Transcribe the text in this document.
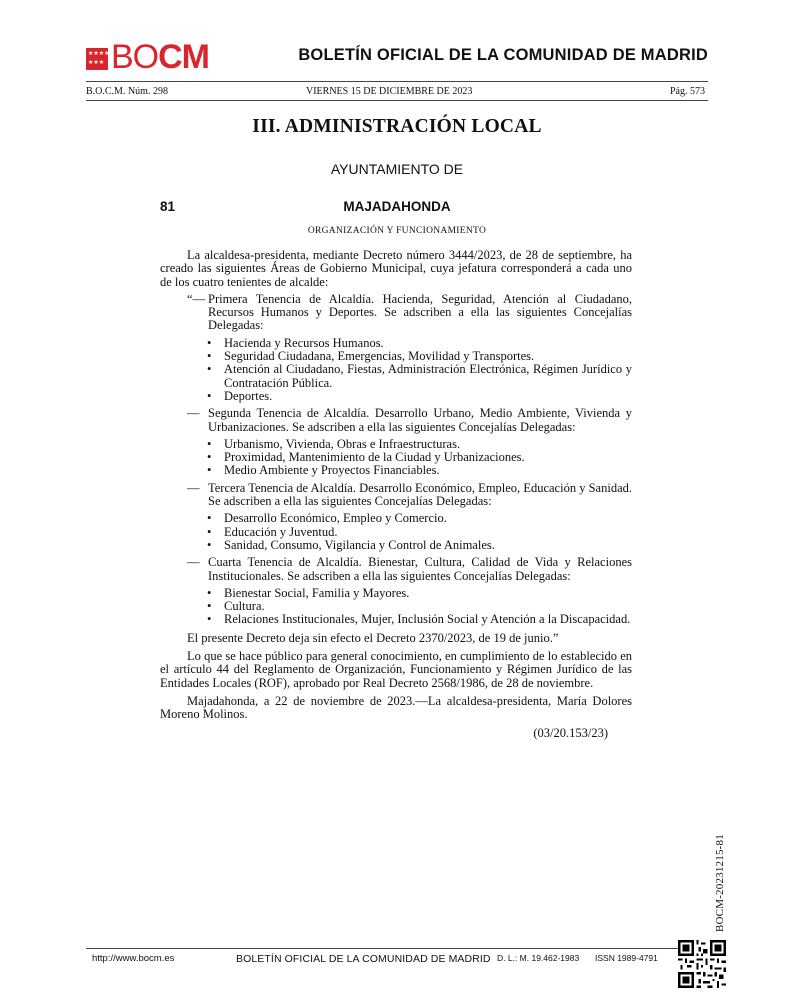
★ ★ ★ ★
★ ★ ★ BOCM	BOLETÍN OFICIAL DE LA COMUNIDAD DE MADRID
B.O.C.M. Núm. 298	VIERNES 15 DE DICIEMBRE DE 2023	Pág. 573
III. ADMINISTRACIÓN LOCAL
AYUNTAMIENTO DE
81	MAJADAHONDA
ORGANIZACIÓN Y FUNCIONAMIENTO

La alcaldesa-presidenta, mediante Decreto número 3444/2023, de 28 de septiembre, ha creado las siguientes Áreas de Gobierno Municipal, cuya jefatura corresponderá a cada uno de los cuatro tenientes de alcalde:

“— Primera Tenencia de Alcaldía. Hacienda, Seguridad, Atención al Ciudadano, Recursos Humanos y Deportes. Se adscriben a ella las siguientes Concejalías Delegadas:
• Hacienda y Recursos Humanos.
• Seguridad Ciudadana, Emergencias, Movilidad y Transportes.
• Atención al Ciudadano, Fiestas, Administración Electrónica, Régimen Jurídico y Contratación Pública.
• Deportes.
— Segunda Tenencia de Alcaldía. Desarrollo Urbano, Medio Ambiente, Vivienda y Urbanizaciones. Se adscriben a ella las siguientes Concejalías Delegadas:
• Urbanismo, Vivienda, Obras e Infraestructuras.
• Proximidad, Mantenimiento de la Ciudad y Urbanizaciones.
• Medio Ambiente y Proyectos Financiables.
— Tercera Tenencia de Alcaldía. Desarrollo Económico, Empleo, Educación y Sanidad. Se adscriben a ella las siguientes Concejalías Delegadas:
• Desarrollo Económico, Empleo y Comercio.
• Educación y Juventud.
• Sanidad, Consumo, Vigilancia y Control de Animales.
— Cuarta Tenencia de Alcaldía. Bienestar, Cultura, Calidad de Vida y Relaciones Institucionales. Se adscriben a ella las siguientes Concejalías Delegadas:
• Bienestar Social, Familia y Mayores.
• Cultura.
• Relaciones Institucionales, Mujer, Inclusión Social y Atención a la Discapacidad.

El presente Decreto deja sin efecto el Decreto 2370/2023, de 19 de junio.”

Lo que se hace público para general conocimiento, en cumplimiento de lo establecido en el artículo 44 del Reglamento de Organización, Funcionamiento y Régimen Jurídico de las Entidades Locales (ROF), aprobado por Real Decreto 2568/1986, de 28 de noviembre.

Majadahonda, a 22 de noviembre de 2023.—La alcaldesa-presidenta, María Dolores Moreno Molinos.

(03/20.153/23)

BOCM-20231215-81
http://www.bocm.es	BOLETÍN OFICIAL DE LA COMUNIDAD DE MADRID D. L.: M. 19.462-1983 ISSN 1989-4791
